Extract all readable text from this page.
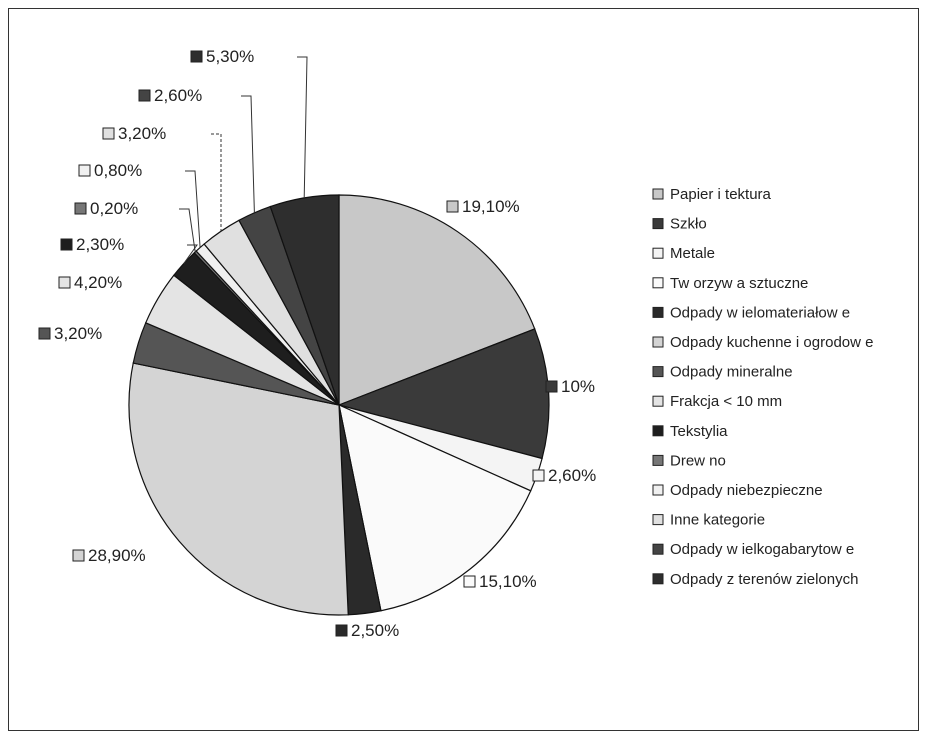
19,10%
10%
2,60%
15,10%
2,50%
28,90%
3,20%
4,20%
2,30%
0,20%
0,80%
3,20%
2,60%
5,30%
Papier i tektura
Szkło
Metale
Tw orzyw a sztuczne
Odpady w ielomateriałow e
Odpady kuchenne i ogrodow e
Odpady mineralne
Frakcja < 10 mm
Tekstylia
Drew no
Odpady niebezpieczne
Inne kategorie
Odpady w ielkogabarytow e
Odpady z terenów zielonych
